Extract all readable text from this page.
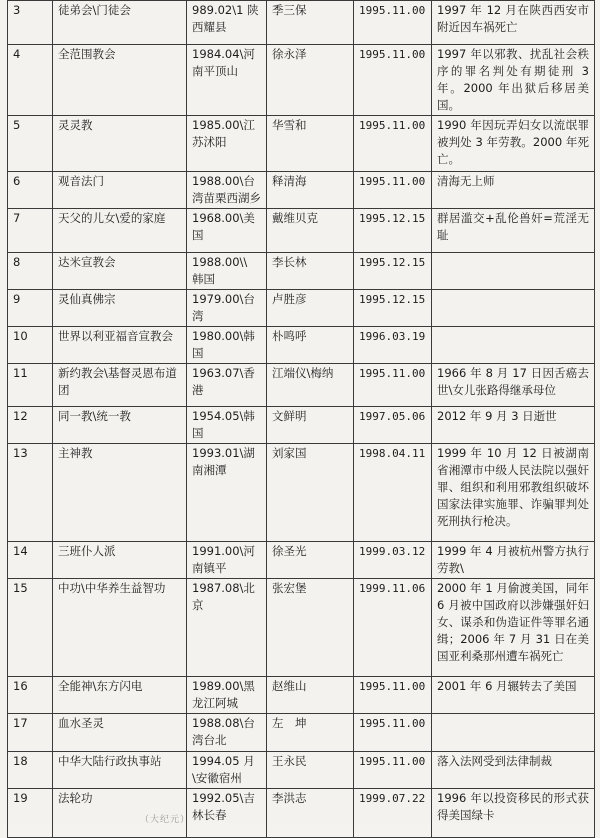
3	徒弟会\门徒会	989.02\1 陕西耀县	季三保	1995.11.00	1997 年 12 月在陕西西安市附近因车祸死亡
4	全范围教会	1984.04\河南平顶山	徐永泽	1995.11.00	1997 年以邪教、扰乱社会秩序的罪名判处有期徒刑 3 年。2000 年出狱后移居美国。
5	灵灵教	1985.00\江苏沭阳	华雪和	1995.11.00	1990 年因玩弄妇女以流氓罪被判处 3 年劳教。2000 年死亡。
6	观音法门	1988.00\台湾苗栗西湖乡	释清海	1995.11.00	清海无上师
7	天父的儿女\爱的家庭	1968.00\美国	戴维贝克	1995.12.15	群居滥交+乱伦兽奸=荒淫无耻
8	达米宣教会	1988.00\\ 韩国	李长林	1995.12.15	
9	灵仙真佛宗	1979.00\台湾	卢胜彦	1995.12.15	
10	世界以利亚福音宣教会	1980.00\韩国	朴鸣呼	1996.03.19	
11	新约教会\基督灵恩布道团	1963.07\香港	江端仪\梅纳	1995.11.00	1966 年 8 月 17 日因舌癌去世\女儿张路得继承母位
12	同一教\统一教	1954.05\韩国	文鲜明	1997.05.06	2012 年 9 月 3 日逝世
13	主神教	1993.01\湖南湘潭	刘家国	1998.04.11	1999 年 10 月 12 日被湖南省湘潭市中级人民法院以强奸罪、组织和利用邪教组织破坏国家法律实施罪、诈骗罪判处死刑执行枪决。
14	三班仆人派	1991.00\河南镇平	徐圣光	1999.03.12	1999 年 4 月被杭州警方执行劳教\
15	中功\中华养生益智功	1987.08\北京	张宏堡	1999.11.06	2000 年 1 月偷渡美国，同年 6 月被中国政府以涉嫌强奸妇女、谋杀和伪造证件等罪名通缉；2006 年 7 月 31 日在美国亚利桑那州遭车祸死亡
16	全能神\东方闪电	1989.00\黑龙江阿城	赵维山	1995.11.00	2001 年 6 月辗转去了美国
17	血水圣灵	1988.08\台湾台北	左　坤	1995.11.00	
18	中华大陆行政执事站	1994.05 月\安徽宿州	王永民	1995.11.00	落入法网受到法律制裁
19	法轮功	1992.05\吉林长春	李洪志	1999.07.22	1996 年以投资移民的形式获得美国绿卡
（大纪元）
